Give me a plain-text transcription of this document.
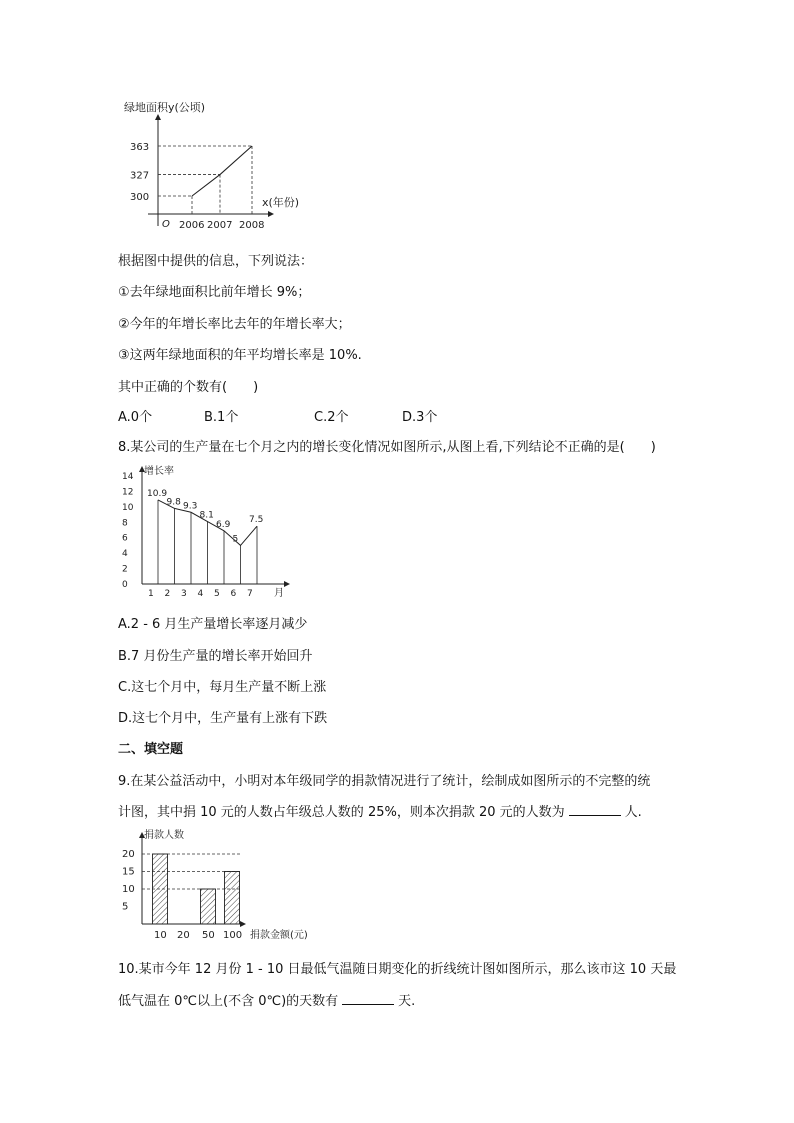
绿地面积y(公顷)
x(年份)
O
363
327
300
2006 2007 2008
根据图中提供的信息，下列说法：
①去年绿地面积比前年增长 9%；
②今年的年增长率比去年的年增长率大；
③这两年绿地面积的年平均增长率是 10%.
其中正确的个数有(　　)
A.0个	B.1个	C.2个	D.3个
8.某公司的生产量在七个月之内的增长变化情况如图所示,从图上看,下列结论不正确的是(　　)
增长率
月
0
2
4
6
8
10
12
14
1
10.9
2
9.8
3
9.3
4
8.1
5
6.9
6
5
7
7.5
A.2 - 6 月生产量增长率逐月减少
B.7 月份生产量的增长率开始回升
C.这七个月中，每月生产量不断上涨
D.这七个月中，生产量有上涨有下跌
二、填空题
9.在某公益活动中，小明对本年级同学的捐款情况进行了统计，绘制成如图所示的不完整的统
计图，其中捐 10 元的人数占年级总人数的 25%，则本次捐款 20 元的人数为	人.
捐款人数
捐款金额(元)
5
10
15
20
10 20 50 100
10.某市今年 12 月份 1 - 10 日最低气温随日期变化的折线统计图如图所示，那么该市这 10 天最
低气温在 0℃以上(不含 0℃)的天数有	天.
